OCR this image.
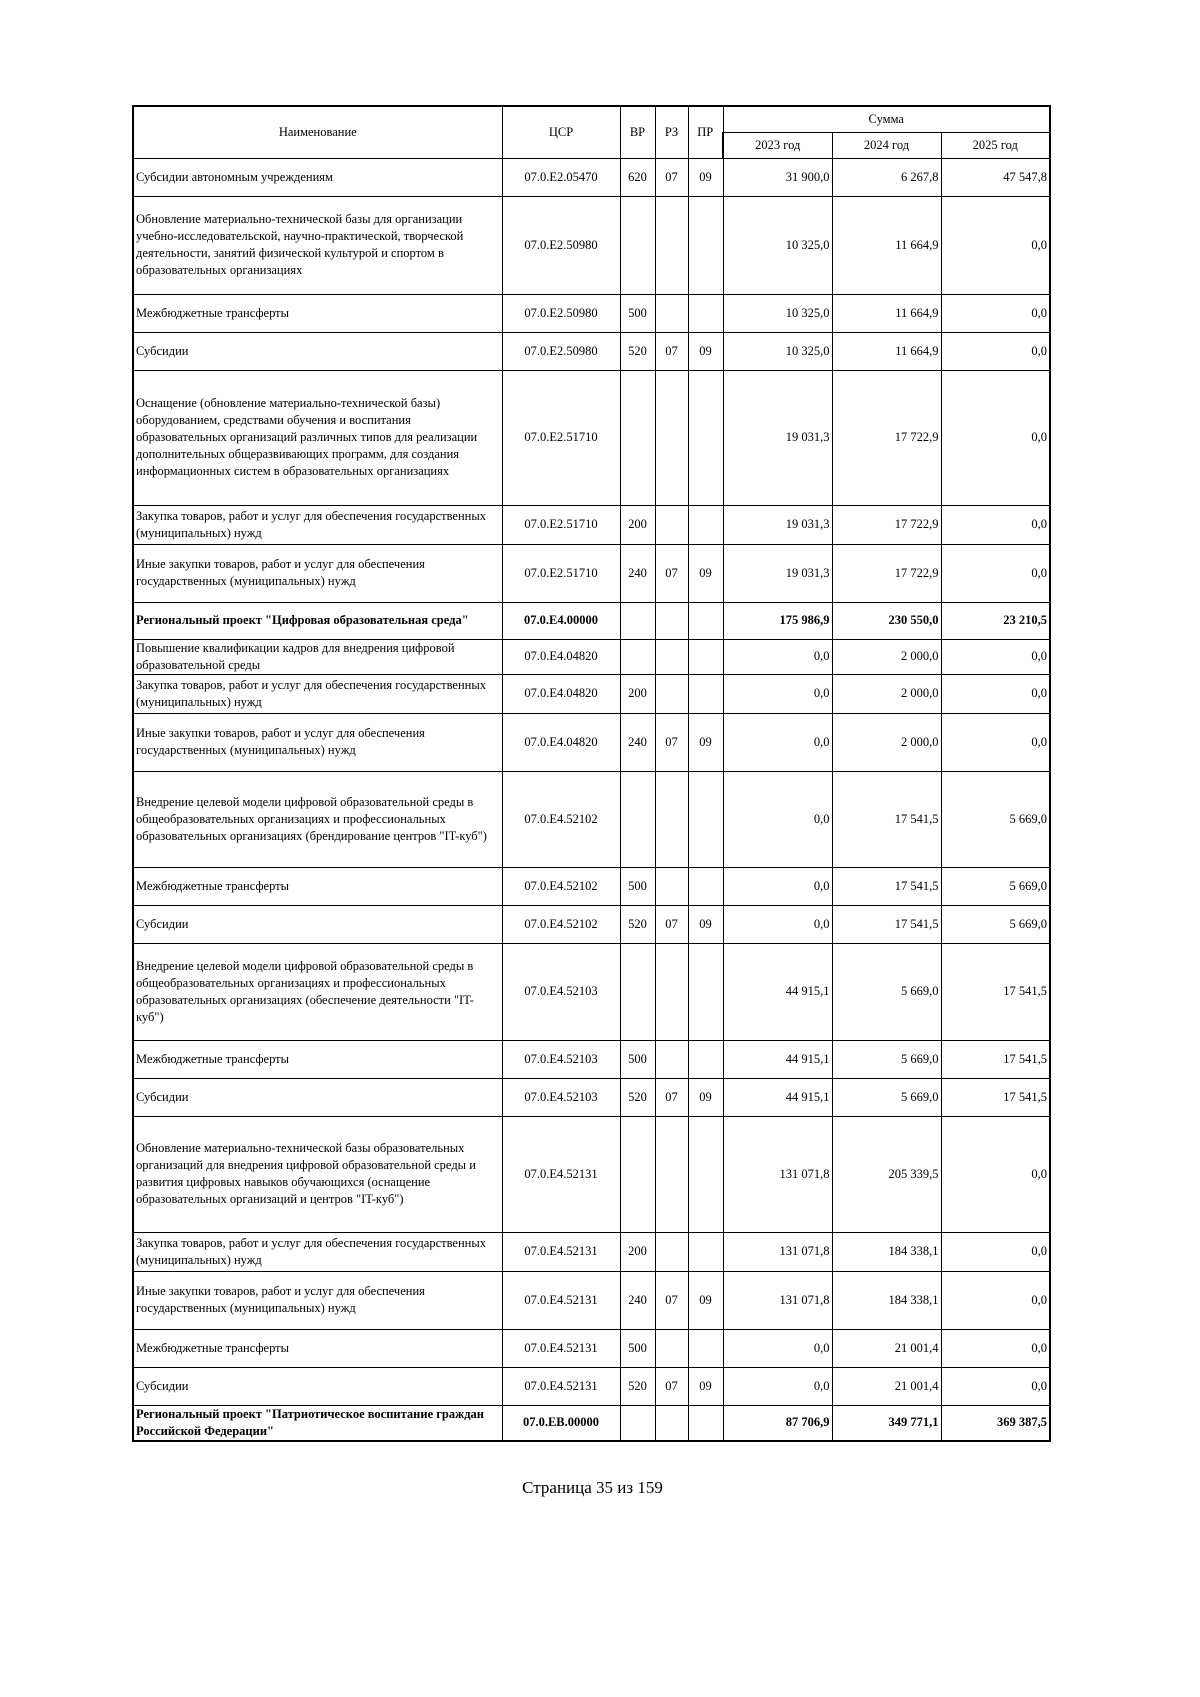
Наименование	ЦСР	ВР	РЗ	ПР	Сумма		
					2023 год	2024 год	2025 год
Субсидии автономным учреждениям	07.0.Е2.05470	620	07	09	31 900,0	6 267,8	47 547,8
Обновление материально-технической базы для организации учебно-исследовательской, научно-практической, творческой деятельности, занятий физической культурой и спортом в образовательных организациях	07.0.Е2.50980				10 325,0	11 664,9	0,0
Межбюджетные трансферты	07.0.Е2.50980	500			10 325,0	11 664,9	0,0
Субсидии	07.0.Е2.50980	520	07	09	10 325,0	11 664,9	0,0
Оснащение (обновление материально-технической базы) оборудованием, средствами обучения и воспитания образовательных организаций различных типов для реализации дополнительных общеразвивающих программ, для создания информационных систем в образовательных организациях	07.0.Е2.51710				19 031,3	17 722,9	0,0
Закупка товаров, работ и услуг для обеспечения государственных (муниципальных) нужд	07.0.Е2.51710	200			19 031,3	17 722,9	0,0
Иные закупки товаров, работ и услуг для обеспечения государственных (муниципальных) нужд	07.0.Е2.51710	240	07	09	19 031,3	17 722,9	0,0
Региональный проект "Цифровая образовательная среда"	07.0.Е4.00000				175 986,9	230 550,0	23 210,5
Повышение квалификации кадров для внедрения цифровой образовательной среды	07.0.Е4.04820				0,0	2 000,0	0,0
Закупка товаров, работ и услуг для обеспечения государственных (муниципальных) нужд	07.0.Е4.04820	200			0,0	2 000,0	0,0
Иные закупки товаров, работ и услуг для обеспечения государственных (муниципальных) нужд	07.0.Е4.04820	240	07	09	0,0	2 000,0	0,0
Внедрение целевой модели цифровой образовательной среды в общеобразовательных организациях и профессиональных образовательных организациях (брендирование центров "IT-куб")	07.0.Е4.52102				0,0	17 541,5	5 669,0
Межбюджетные трансферты	07.0.Е4.52102	500			0,0	17 541,5	5 669,0
Субсидии	07.0.Е4.52102	520	07	09	0,0	17 541,5	5 669,0
Внедрение целевой модели цифровой образовательной среды в общеобразовательных организациях и профессиональных образовательных организациях (обеспечение деятельности "IT-куб")	07.0.Е4.52103				44 915,1	5 669,0	17 541,5
Межбюджетные трансферты	07.0.Е4.52103	500			44 915,1	5 669,0	17 541,5
Субсидии	07.0.Е4.52103	520	07	09	44 915,1	5 669,0	17 541,5
Обновление материально-технической базы образовательных организаций для внедрения цифровой образовательной среды и развития цифровых навыков обучающихся (оснащение образовательных организаций и центров "IT-куб")	07.0.Е4.52131				131 071,8	205 339,5	0,0
Закупка товаров, работ и услуг для обеспечения государственных (муниципальных) нужд	07.0.Е4.52131	200			131 071,8	184 338,1	0,0
Иные закупки товаров, работ и услуг для обеспечения государственных (муниципальных) нужд	07.0.Е4.52131	240	07	09	131 071,8	184 338,1	0,0
Межбюджетные трансферты	07.0.Е4.52131	500			0,0	21 001,4	0,0
Субсидии	07.0.Е4.52131	520	07	09	0,0	21 001,4	0,0
Региональный проект "Патриотическое воспитание граждан Российской Федерации"	07.0.ЕВ.00000				87 706,9	349 771,1	369 387,5
Страница 35 из 159
